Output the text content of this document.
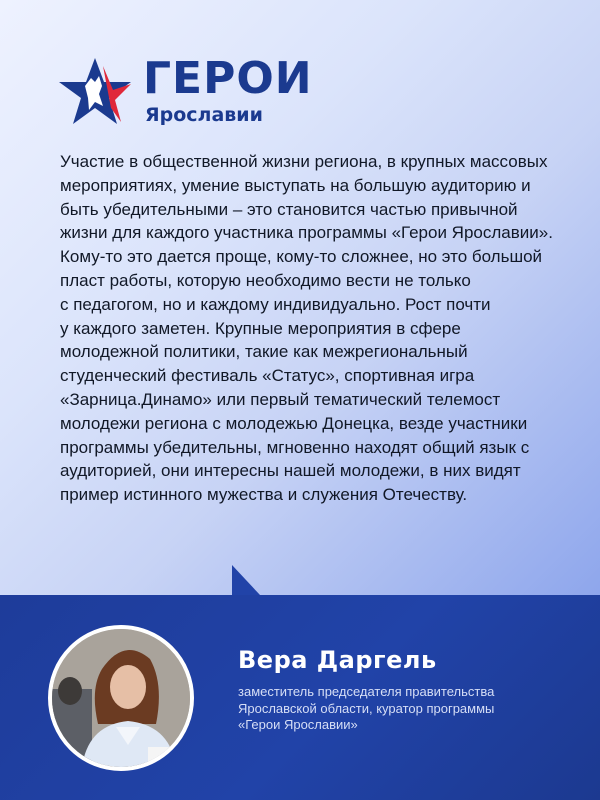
ГЕРОИ
Ярославии

Участие в общественной жизни региона, в крупных массовых
мероприятиях, умение выступать на большую аудиторию и
быть убедительными – это становится частью привычной
жизни для каждого участника программы «Герои Ярославии».
Кому-то это дается проще, кому-то сложнее, но это большой
пласт работы, которую необходимо вести не только
с педагогом, но и каждому индивидуально. Рост почти
у каждого заметен. Крупные мероприятия в сфере
молодежной политики, такие как межрегиональный
студенческий фестиваль «Статус», спортивная игра
«Зарница.Динамо» или первый тематический телемост
молодежи региона с молодежью Донецка, везде участники
программы убедительны, мгновенно находят общий язык с
аудиторией, они интересны нашей молодежи, в них видят
пример истинного мужества и служения Отечеству.

Вера Даргель
заместитель председателя правительства
Ярославской области, куратор программы
«Герои Ярославии»
